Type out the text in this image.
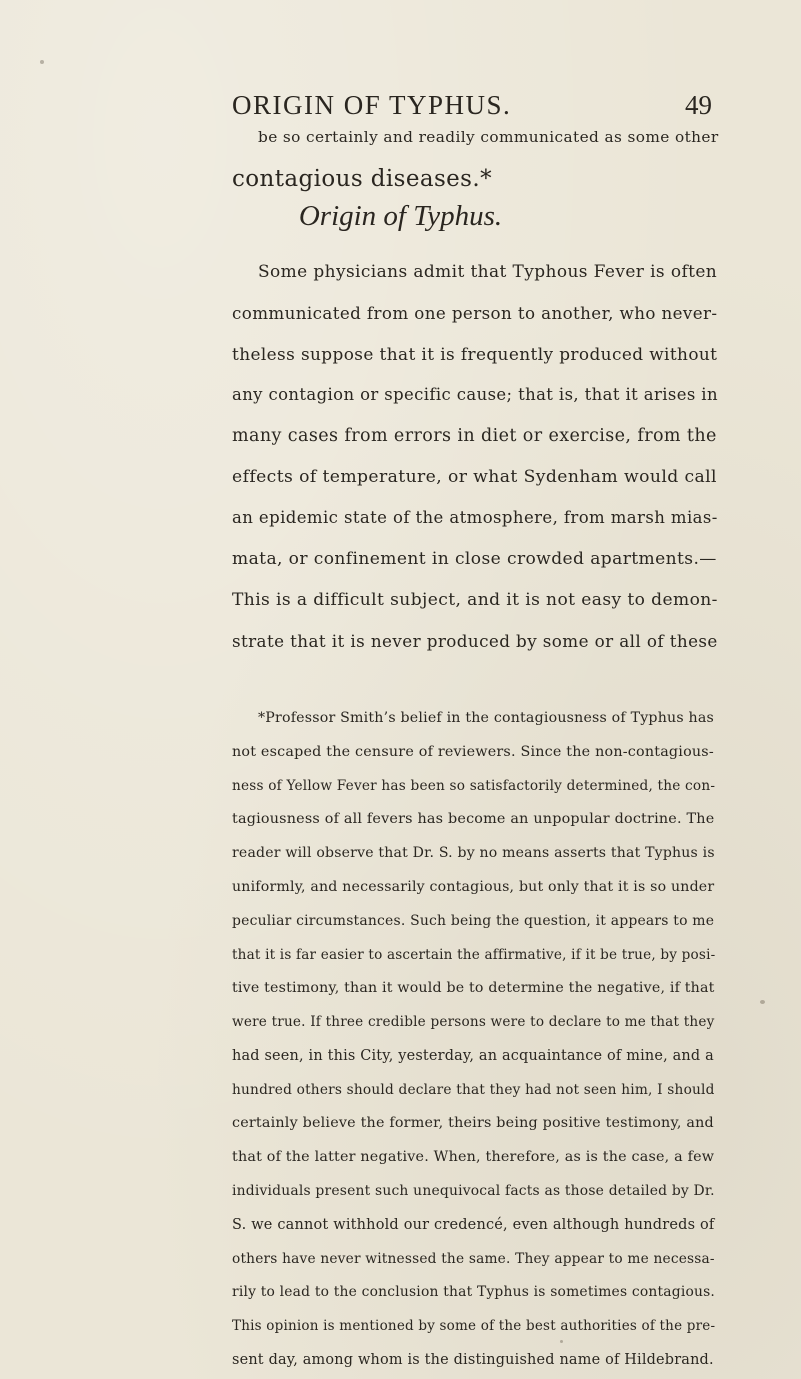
ORIGIN OF TYPHUS.	49
be so certainly and readily communicated as some other
contagious diseases.*
Origin of Typhus.
Some physicians admit that Typhous Fever is often
communicated from one person to another, who never-
theless suppose that it is frequently produced without
any contagion or specific cause; that is, that it arises in
many cases from errors in diet or exercise, from the
effects of temperature, or what Sydenham would call
an epidemic state of the atmosphere, from marsh mias-
mata, or confinement in close crowded apartments.—
This is a difficult subject, and it is not easy to demon-
strate that it is never produced by some or all of these
*Professor Smith’s belief in the contagiousness of Typhus has
not escaped the censure of reviewers. Since the non-contagious-
ness of Yellow Fever has been so satisfactorily determined, the con-
tagiousness of all fevers has become an unpopular doctrine. The
reader will observe that Dr. S. by no means asserts that Typhus is
uniformly, and necessarily contagious, but only that it is so under
peculiar circumstances. Such being the question, it appears to me
that it is far easier to ascertain the affirmative, if it be true, by posi-
tive testimony, than it would be to determine the negative, if that
were true. If three credible persons were to declare to me that they
had seen, in this City, yesterday, an acquaintance of mine, and a
hundred others should declare that they had not seen him, I should
certainly believe the former, theirs being positive testimony, and
that of the latter negative. When, therefore, as is the case, a few
individuals present such unequivocal facts as those detailed by Dr.
S. we cannot withhold our credencé, even although hundreds of
others have never witnessed the same. They appear to me necessa-
rily to lead to the conclusion that Typhus is sometimes contagious.
This opinion is mentioned by some of the best authorities of the pre-
sent day, among whom is the distinguished name of Hildebrand.
